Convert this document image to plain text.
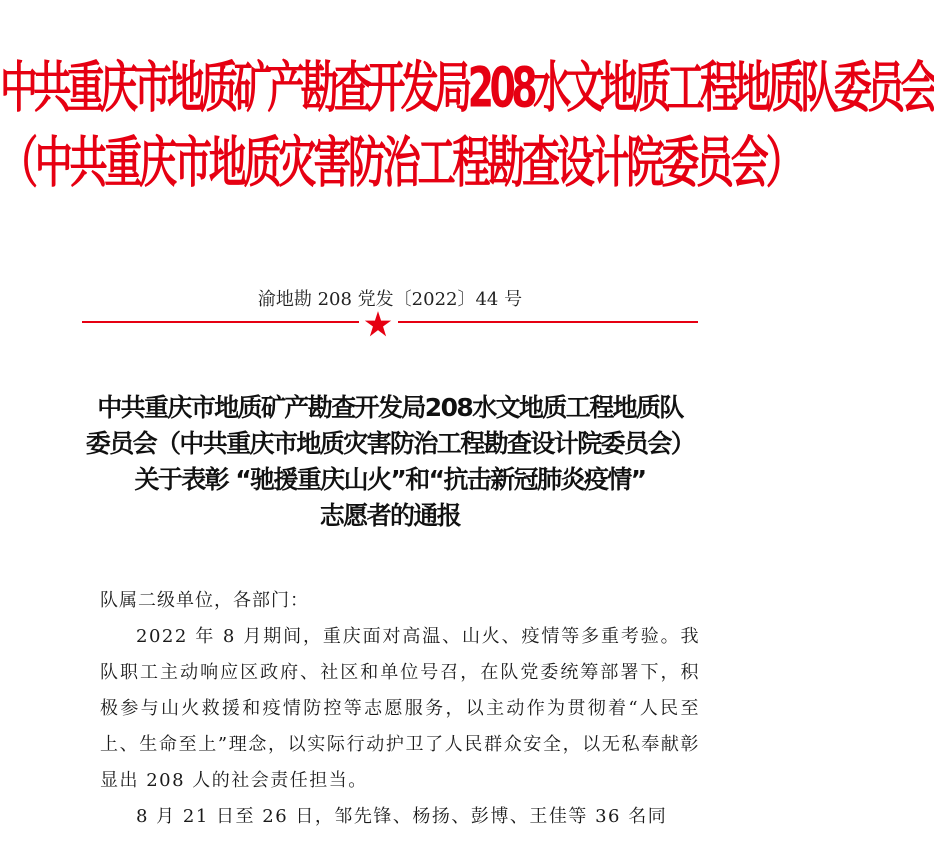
中共重庆市地质矿产勘查开发局208水文地质工程地质队委员会
（中共重庆市地质灾害防治工程勘查设计院委员会）
渝地勘 208 党发〔2022〕44 号
中共重庆市地质矿产勘查开发局208水文地质工程地质队
委员会（中共重庆市地质灾害防治工程勘查设计院委员会）
关于表彰 “驰援重庆山火”和“抗击新冠肺炎疫情”
志愿者的通报
队属二级单位，各部门：
2022 年 8 月期间，重庆面对高温、山火、疫情等多重考验。我队职工主动响应区政府、社区和单位号召，在队党委统筹部署下，积极参与山火救援和疫情防控等志愿服务，以主动作为贯彻着“人民至上、生命至上”理念，以实际行动护卫了人民群众安全，以无私奉献彰显出 208 人的社会责任担当。
8 月 21 日至 26 日，邹先锋、杨扬、彭博、王佳等 36 名同
